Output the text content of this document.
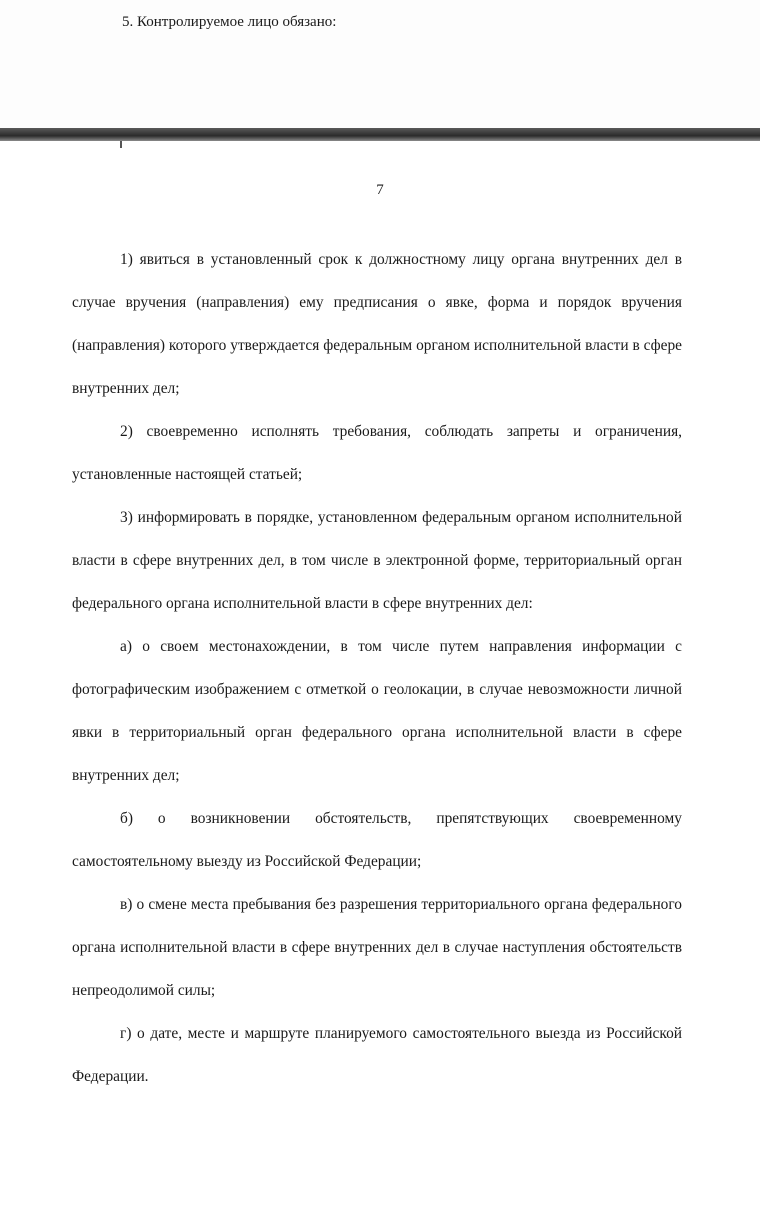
5. Контролируемое лицо обязано:
7

1) явиться в установленный срок к должностному лицу органа внутренних дел в случае вручения (направления) ему предписания о явке, форма и порядок вручения (направления) которого утверждается федеральным органом исполнительной власти в сфере внутренних дел;

2) своевременно исполнять требования, соблюдать запреты и ограничения, установленные настоящей статьей;

3) информировать в порядке, установленном федеральным органом исполнительной власти в сфере внутренних дел, в том числе в электронной форме, территориальный орган федерального органа исполнительной власти в сфере внутренних дел:

а) о своем местонахождении, в том числе путем направления информации с фотографическим изображением с отметкой о геолокации, в случае невозможности личной явки в территориальный орган федерального органа исполнительной власти в сфере внутренних дел;

б) о возникновении обстоятельств, препятствующих своевременному самостоятельному выезду из Российской Федерации;

в) о смене места пребывания без разрешения территориального органа федерального органа исполнительной власти в сфере внутренних дел в случае наступления обстоятельств непреодолимой силы;

г) о дате, месте и маршруте планируемого самостоятельного выезда из Российской Федерации.
